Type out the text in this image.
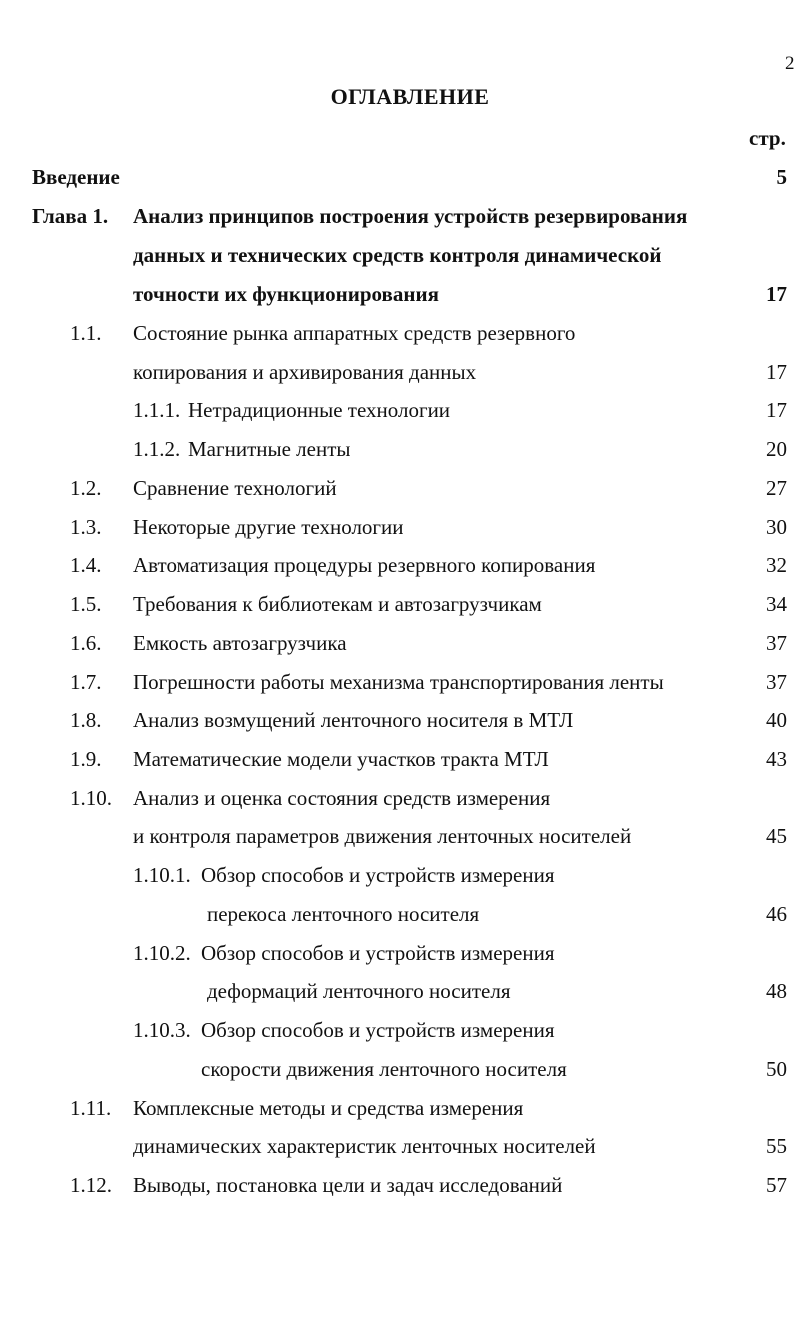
2
ОГЛАВЛЕНИЕ
стр.
Введение	5
Глава 1. Анализ принципов построения устройств резервирования
данных и технических средств контроля динамической
точности их функционирования	17
1.1. Состояние рынка аппаратных средств резервного
копирования и архивирования данных	17
1.1.1. Нетрадиционные технологии	17
1.1.2. Магнитные ленты	20
1.2. Сравнение технологий	27
1.3. Некоторые другие технологии	30
1.4. Автоматизация процедуры резервного копирования	32
1.5. Требования к библиотекам и автозагрузчикам	34
1.6. Емкость автозагрузчика	37
1.7. Погрешности работы механизма транспортирования ленты	37
1.8. Анализ возмущений ленточного носителя в МТЛ	40
1.9. Математические модели участков тракта МТЛ	43
1.10. Анализ и оценка состояния средств измерения
и контроля параметров движения ленточных носителей	45
1.10.1. Обзор способов и устройств измерения
перекоса ленточного носителя	46
1.10.2. Обзор способов и устройств измерения
деформаций ленточного носителя	48
1.10.3. Обзор способов и устройств измерения
скорости движения ленточного носителя	50
1.11. Комплексные методы и средства измерения
динамических характеристик ленточных носителей	55
1.12. Выводы, постановка цели и задач исследований	57
